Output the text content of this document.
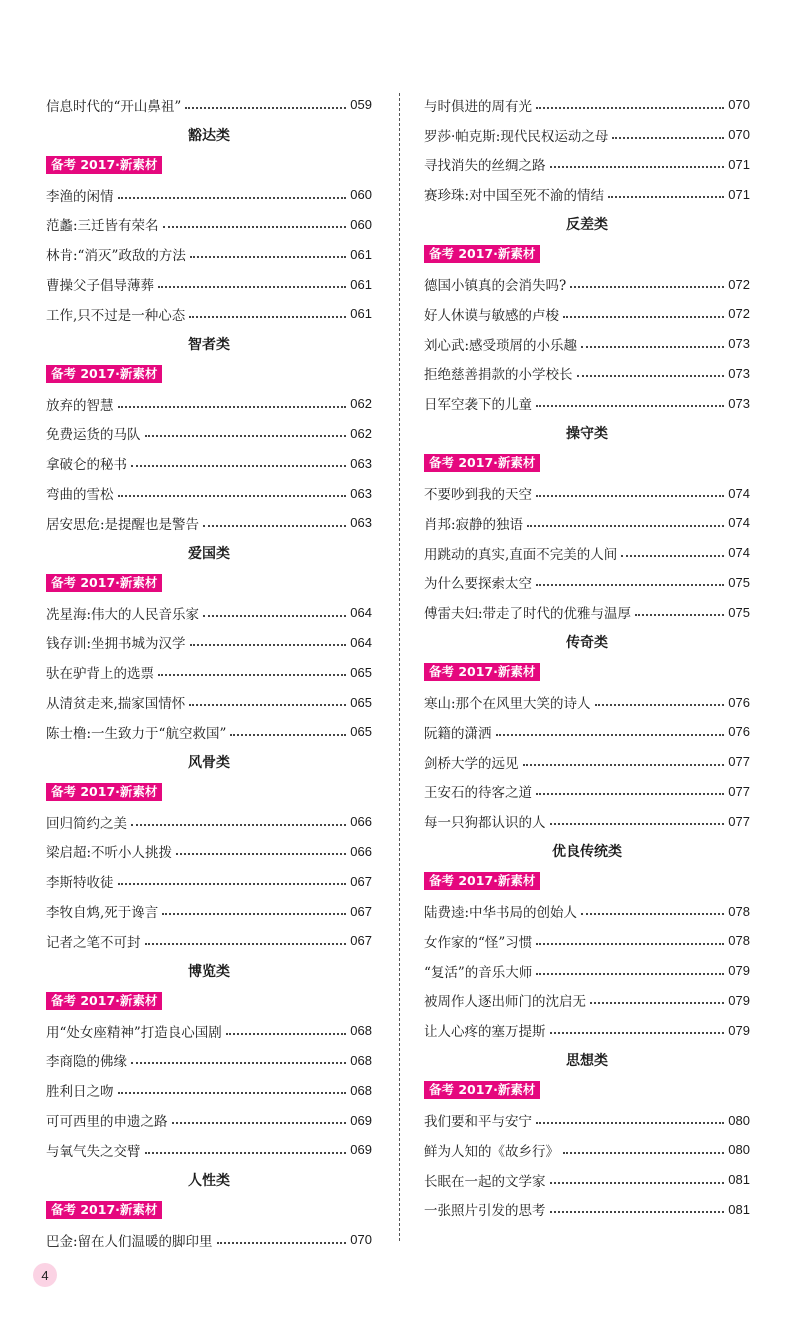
信息时代的“开山鼻祖”	059
豁达类
备考 2017·新素材
李渔的闲情	060
范蠡:三迁皆有荣名	060
林肯:“消灭”政敌的方法	061
曹操父子倡导薄葬	061
工作,只不过是一种心态	061
智者类
备考 2017·新素材
放弃的智慧	062
免费运货的马队	062
拿破仑的秘书	063
弯曲的雪松	063
居安思危:是提醒也是警告	063
爱国类
备考 2017·新素材
冼星海:伟大的人民音乐家	064
钱存训:坐拥书城为汉学	064
驮在驴背上的选票	065
从清贫走来,揣家国情怀	065
陈士橹:一生致力于“航空救国”	065
风骨类
备考 2017·新素材
回归简约之美	066
梁启超:不听小人挑拨	066
李斯特收徒	067
李牧自鸩,死于谗言	067
记者之笔不可封	067
博览类
备考 2017·新素材
用“处女座精神”打造良心国剧	068
李商隐的佛缘	068
胜利日之吻	068
可可西里的申遗之路	069
与氧气失之交臂	069
人性类
备考 2017·新素材
巴金:留在人们温暖的脚印里	070
与时俱进的周有光	070
罗莎·帕克斯:现代民权运动之母	070
寻找消失的丝绸之路	071
赛珍珠:对中国至死不渝的情结	071
反差类
备考 2017·新素材
德国小镇真的会消失吗?	072
好人休谟与敏感的卢梭	072
刘心武:感受琐屑的小乐趣	073
拒绝慈善捐款的小学校长	073
日军空袭下的儿童	073
操守类
备考 2017·新素材
不要吵到我的天空	074
肖邦:寂静的独语	074
用跳动的真实,直面不完美的人间	074
为什么要探索太空	075
傅雷夫妇:带走了时代的优雅与温厚	075
传奇类
备考 2017·新素材
寒山:那个在风里大笑的诗人	076
阮籍的潇洒	076
剑桥大学的远见	077
王安石的待客之道	077
每一只狗都认识的人	077
优良传统类
备考 2017·新素材
陆费逵:中华书局的创始人	078
女作家的“怪”习惯	078
“复活”的音乐大师	079
被周作人逐出师门的沈启无	079
让人心疼的塞万提斯	079
思想类
备考 2017·新素材
我们要和平与安宁	080
鲜为人知的《故乡行》	080
长眠在一起的文学家	081
一张照片引发的思考	081
4
